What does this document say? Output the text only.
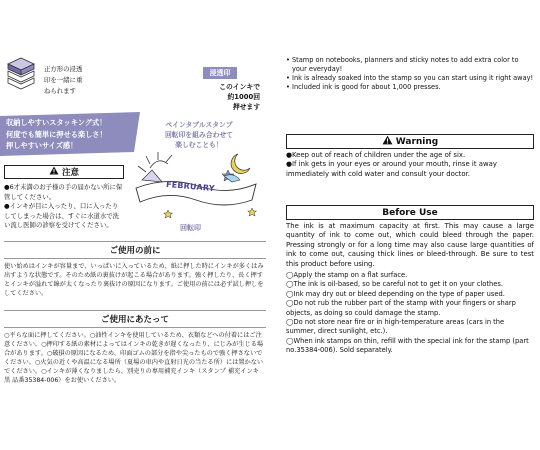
正方形の浸透印を一緒に重ねられます
浸透印
このインキで
約1000回
押せます
収納しやすいスタッキング式！
何度でも簡単に押せる楽しさ！
押しやすいサイズ感！
ペインタブルスタンプ
回転印を組み合わせて
楽しむことも！
FEBRUARY
回転印
注意
●6才未満のお子様の手の届かない所に保管してください。
●インキが目に入ったり、口に入ったりしてしまった場合は、すぐに水道水で洗い流し医師の診察を受けてください。
ご使用の前に
使い始めはインキが容量まで、いっぱいに入っているため、紙に押した時にインキが多くはみ出すような状態です。そのため紙の裏抜けが起こる場合があります。強く押したり、長く押すとインキが溢れて線が太くなったり裏抜けの原因になります。ご使用の前には必ず試し押しをしてください。
ご使用にあたって
○平らな面に押してください。○油性インキを使用しているため、衣類などへの付着にはご注意ください。○押印する紙の素材によってはインキの乾きが遅くなったり、にじみが生じる場合があります。○破損の原因になるため、印面ゴムの部分を指や尖ったもので強く押さないでください。○火気の近くや高温になる場所（夏場の車内や直射日光の当たる所）には置かないでください。○インキが薄くなりましたら、別売りの専用補充インキ（スタンプ 補充インキ 黒 品番35384-006）をお使いください。
• Stamp on notebooks, planners and sticky notes to add extra color to your everyday!
• Ink is already soaked into the stamp so you can start using it right away!
• Included ink is good for about 1,000 presses.
Warning
●Keep out of reach of children under the age of six.
●If ink gets in your eyes or around your mouth, rinse it away immediately with cold water and consult your doctor.
Before Use
The ink is at maximum capacity at first. This may cause a large quantity of ink to come out, which could bleed through the paper. Pressing strongly or for a long time may also cause large quantities of ink to come out, causing thick lines or bleed-through. Be sure to test this product before using.
◯Apply the stamp on a flat surface.
◯The ink is oil-based, so be careful not to get it on your clothes.
◯Ink may dry out or bleed depending on the type of paper used.
◯Do not rub the rubber part of the stamp with your fingers or sharp objects, as doing so could damage the stamp.
◯Do not store near fire or in high-temperature areas (cars in the summer, direct sunlight, etc.).
◯When ink stamps on thin, refill with the special ink for the stamp (part no.35384-006). Sold separately.
